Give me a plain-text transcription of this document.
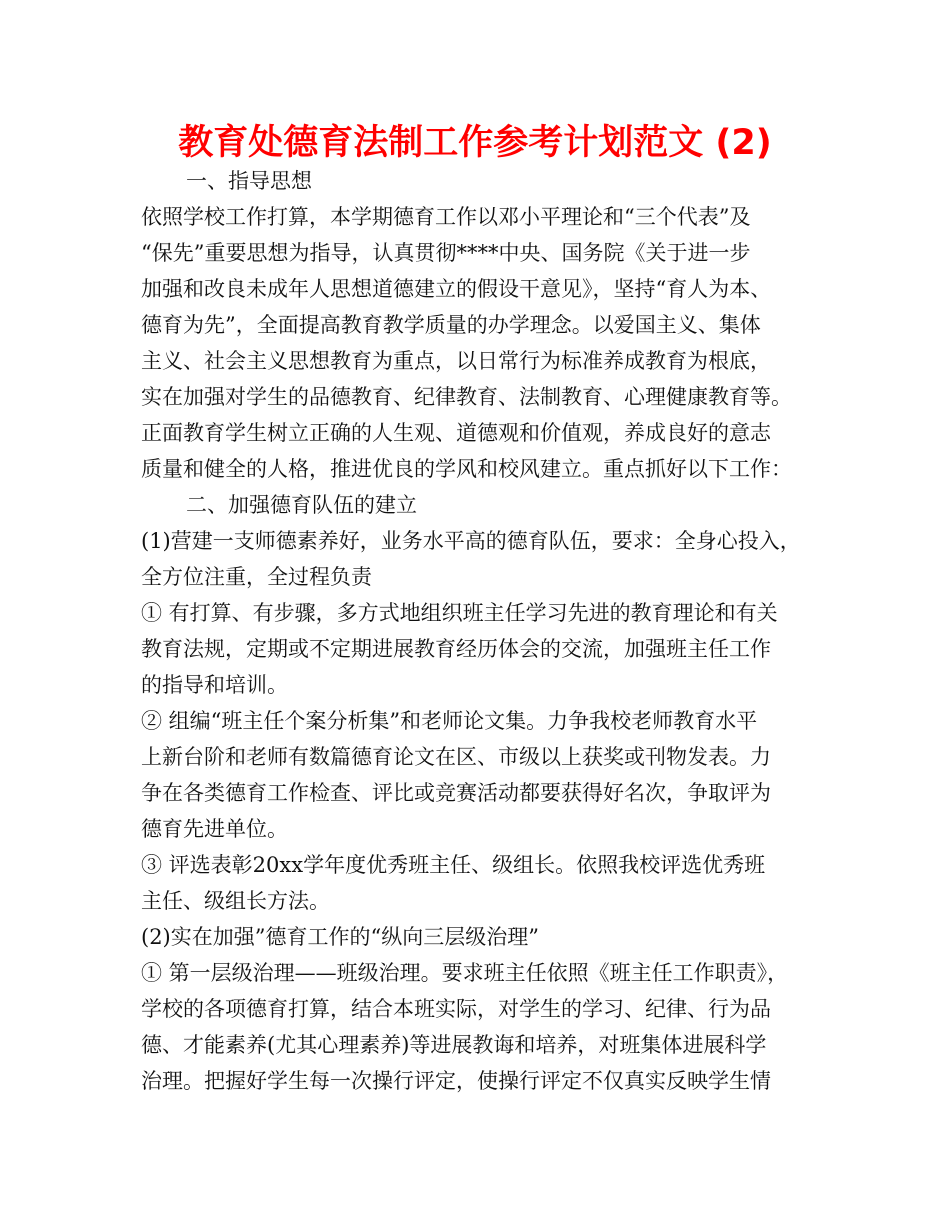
教育处德育法制工作参考计划范文 (2)
一、指导思想
依照学校工作打算，本学期德育工作以邓小平理论和“三个代表”及
“保先”重要思想为指导，认真贯彻****中央、国务院《关于进一步
加强和改良未成年人思想道德建立的假设干意见》，坚持“育人为本、
德育为先”，全面提高教育教学质量的办学理念。以爱国主义、集体
主义、社会主义思想教育为重点，以日常行为标准养成教育为根底，
实在加强对学生的品德教育、纪律教育、法制教育、心理健康教育等。
正面教育学生树立正确的人生观、道德观和价值观，养成良好的意志
质量和健全的人格，推进优良的学风和校风建立。重点抓好以下工作：
二、加强德育队伍的建立
(1)营建一支师德素养好，业务水平高的德育队伍，要求：全身心投入，
全方位注重，全过程负责
① 有打算、有步骤，多方式地组织班主任学习先进的教育理论和有关
教育法规，定期或不定期进展教育经历体会的交流，加强班主任工作
的指导和培训。
② 组编“班主任个案分析集”和老师论文集。力争我校老师教育水平
上新台阶和老师有数篇德育论文在区、市级以上获奖或刊物发表。力
争在各类德育工作检查、评比或竞赛活动都要获得好名次，争取评为
德育先进单位。
③ 评选表彰20xx学年度优秀班主任、级组长。依照我校评选优秀班
主任、级组长方法。
(2)实在加强”德育工作的“纵向三层级治理”
① 第一层级治理——班级治理。要求班主任依照《班主任工作职责》，
学校的各项德育打算，结合本班实际，对学生的学习、纪律、行为品
德、才能素养(尤其心理素养)等进展教诲和培养，对班集体进展科学
治理。把握好学生每一次操行评定，使操行评定不仅真实反映学生情
